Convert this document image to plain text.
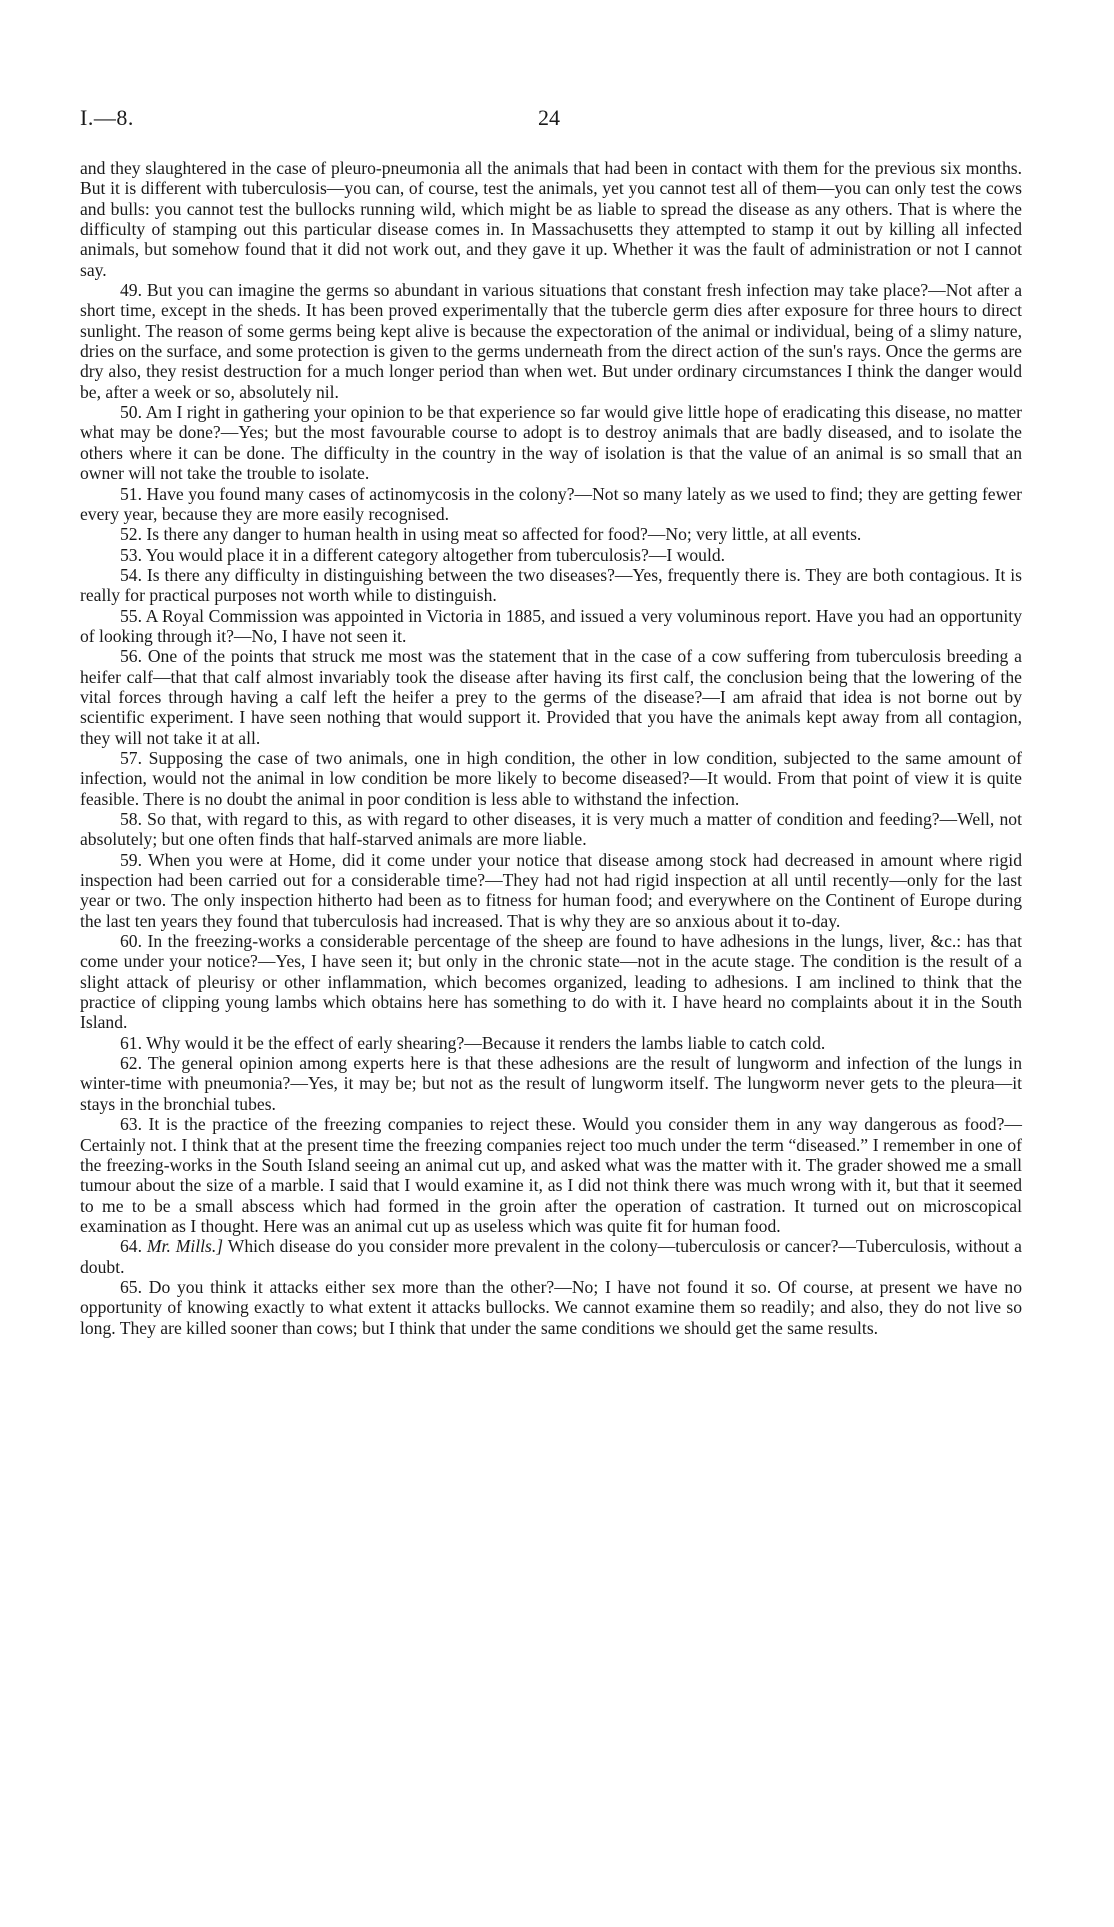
I.—8.	24

and they slaughtered in the case of pleuro-pneumonia all the animals that had been in contact with them for the previous six months. But it is different with tuberculosis—you can, of course, test the animals, yet you cannot test all of them—you can only test the cows and bulls: you cannot test the bullocks running wild, which might be as liable to spread the disease as any others. That is where the difficulty of stamping out this particular disease comes in. In Massachusetts they attempted to stamp it out by killing all infected animals, but somehow found that it did not work out, and they gave it up. Whether it was the fault of administration or not I cannot say.

49. But you can imagine the germs so abundant in various situations that constant fresh infection may take place?—Not after a short time, except in the sheds. It has been proved experimentally that the tubercle germ dies after exposure for three hours to direct sunlight. The reason of some germs being kept alive is because the expectoration of the animal or individual, being of a slimy nature, dries on the surface, and some protection is given to the germs underneath from the direct action of the sun's rays. Once the germs are dry also, they resist destruction for a much longer period than when wet. But under ordinary circumstances I think the danger would be, after a week or so, absolutely nil.

50. Am I right in gathering your opinion to be that experience so far would give little hope of eradicating this disease, no matter what may be done?—Yes; but the most favourable course to adopt is to destroy animals that are badly diseased, and to isolate the others where it can be done. The difficulty in the country in the way of isolation is that the value of an animal is so small that an owner will not take the trouble to isolate.

51. Have you found many cases of actinomycosis in the colony?—Not so many lately as we used to find; they are getting fewer every year, because they are more easily recognised.

52. Is there any danger to human health in using meat so affected for food?—No; very little, at all events.

53. You would place it in a different category altogether from tuberculosis?—I would.

54. Is there any difficulty in distinguishing between the two diseases?—Yes, frequently there is. They are both contagious. It is really for practical purposes not worth while to distinguish.

55. A Royal Commission was appointed in Victoria in 1885, and issued a very voluminous report. Have you had an opportunity of looking through it?—No, I have not seen it.

56. One of the points that struck me most was the statement that in the case of a cow suffering from tuberculosis breeding a heifer calf—that that calf almost invariably took the disease after having its first calf, the conclusion being that the lowering of the vital forces through having a calf left the heifer a prey to the germs of the disease?—I am afraid that idea is not borne out by scientific experiment. I have seen nothing that would support it. Provided that you have the animals kept away from all contagion, they will not take it at all.

57. Supposing the case of two animals, one in high condition, the other in low condition, subjected to the same amount of infection, would not the animal in low condition be more likely to become diseased?—It would. From that point of view it is quite feasible. There is no doubt the animal in poor condition is less able to withstand the infection.

58. So that, with regard to this, as with regard to other diseases, it is very much a matter of condition and feeding?—Well, not absolutely; but one often finds that half-starved animals are more liable.

59. When you were at Home, did it come under your notice that disease among stock had decreased in amount where rigid inspection had been carried out for a considerable time?—They had not had rigid inspection at all until recently—only for the last year or two. The only inspection hitherto had been as to fitness for human food; and everywhere on the Continent of Europe during the last ten years they found that tuberculosis had increased. That is why they are so anxious about it to-day.

60. In the freezing-works a considerable percentage of the sheep are found to have adhesions in the lungs, liver, &c.: has that come under your notice?—Yes, I have seen it; but only in the chronic state—not in the acute stage. The condition is the result of a slight attack of pleurisy or other inflammation, which becomes organized, leading to adhesions. I am inclined to think that the practice of clipping young lambs which obtains here has something to do with it. I have heard no complaints about it in the South Island.

61. Why would it be the effect of early shearing?—Because it renders the lambs liable to catch cold.

62. The general opinion among experts here is that these adhesions are the result of lungworm and infection of the lungs in winter-time with pneumonia?—Yes, it may be; but not as the result of lungworm itself. The lungworm never gets to the pleura—it stays in the bronchial tubes.

63. It is the practice of the freezing companies to reject these. Would you consider them in any way dangerous as food?—Certainly not. I think that at the present time the freezing companies reject too much under the term “diseased.” I remember in one of the freezing-works in the South Island seeing an animal cut up, and asked what was the matter with it. The grader showed me a small tumour about the size of a marble. I said that I would examine it, as I did not think there was much wrong with it, but that it seemed to me to be a small abscess which had formed in the groin after the operation of castration. It turned out on microscopical examination as I thought. Here was an animal cut up as useless which was quite fit for human food.

64. Mr. Mills.] Which disease do you consider more prevalent in the colony—tuberculosis or cancer?—Tuberculosis, without a doubt.

65. Do you think it attacks either sex more than the other?—No; I have not found it so. Of course, at present we have no opportunity of knowing exactly to what extent it attacks bullocks. We cannot examine them so readily; and also, they do not live so long. They are killed sooner than cows; but I think that under the same conditions we should get the same results.
